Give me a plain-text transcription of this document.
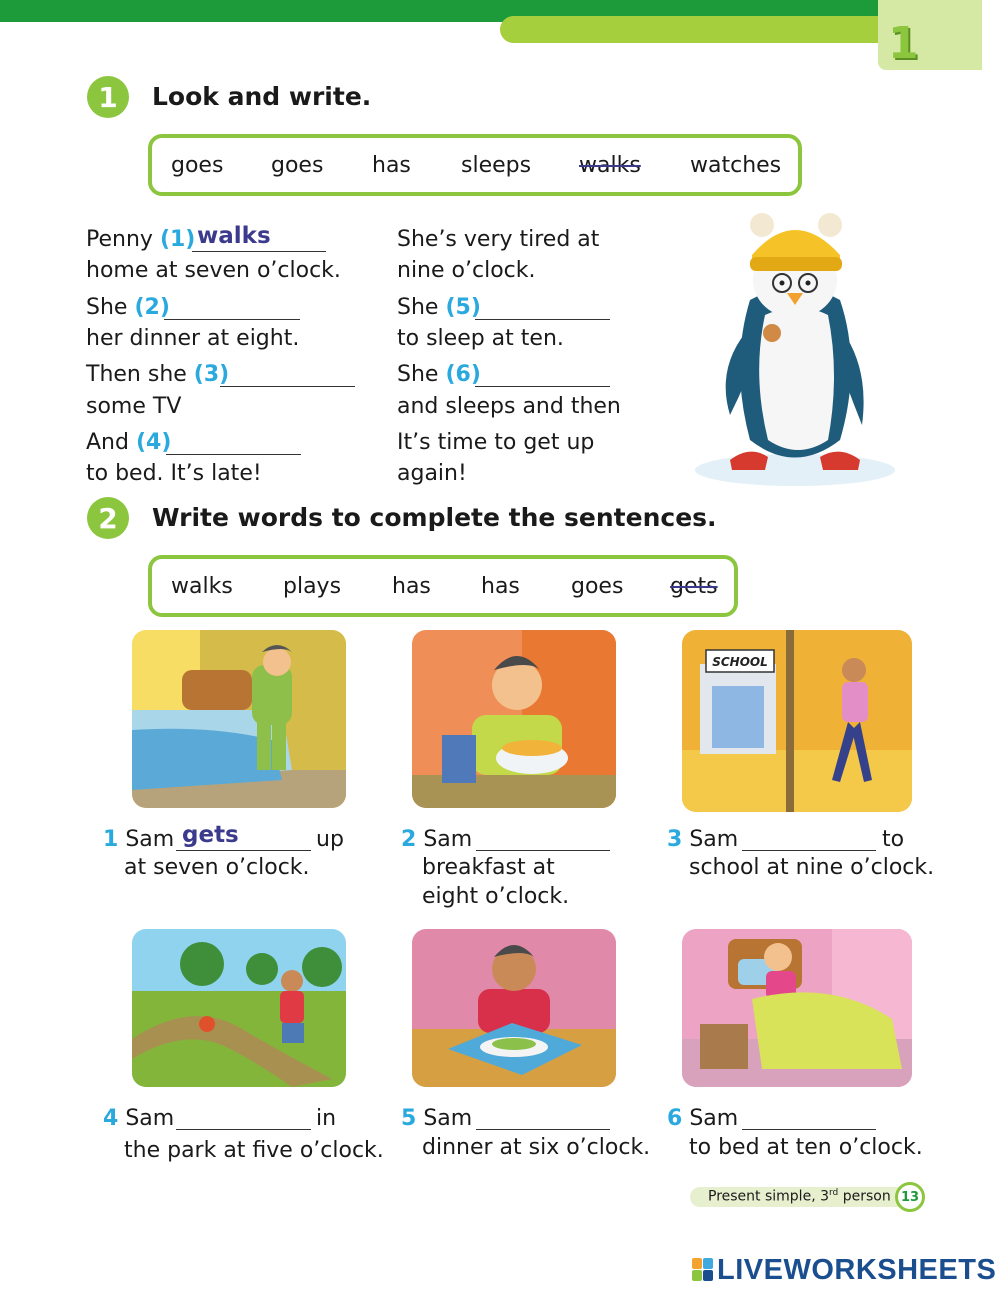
1
1	Look and write.
goes goes has sleeps walks watches
Penny (1) walks
home at seven o’clock.
She (2)
her dinner at eight.
Then she (3)
some TV
And (4)
to bed. It’s late!
She’s very tired at
nine o’clock.
She (5)
to sleep at ten.
She (6)
and sleeps and then
It’s time to get up
again!
2	Write words to complete the sentences.
walks plays has has goes gets
SCHOOL
1 Sam gets	up
at seven o’clock.
2 Sam
breakfast at
eight o’clock.
3 Sam	to
school at nine o’clock.
4 Sam	in
the park at five o’clock.
5 Sam
dinner at six o’clock.
6 Sam
to bed at ten o’clock.
Present simple, 3rd person 13
LIVEWORKSHEETS
